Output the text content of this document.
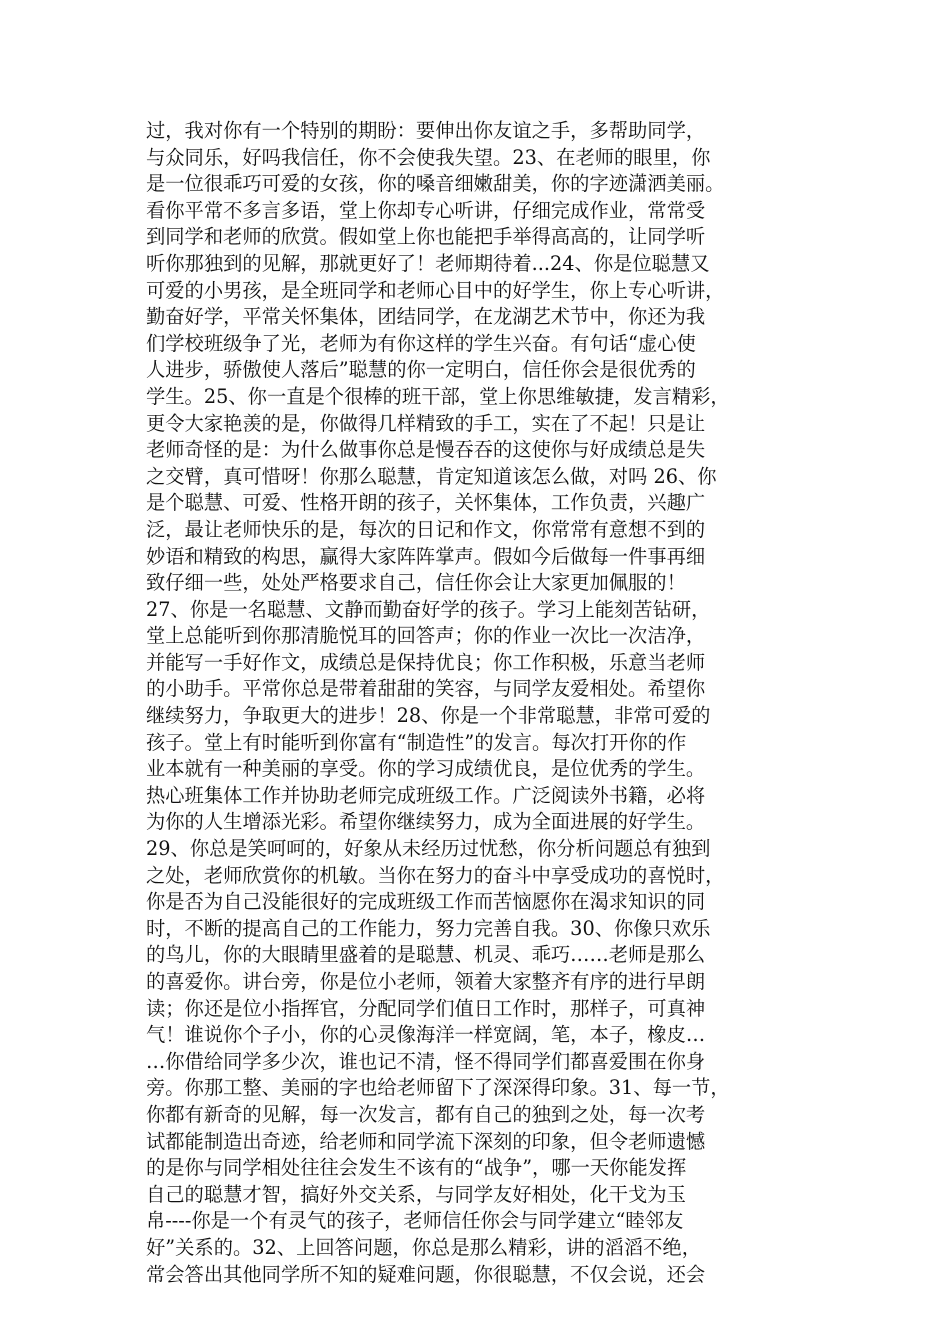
过，我对你有一个特别的期盼：要伸出你友谊之手，多帮助同学，
与众同乐，好吗我信任，你不会使我失望。23、在老师的眼里，你
是一位很乖巧可爱的女孩，你的嗓音细嫩甜美，你的字迹潇洒美丽。
看你平常不多言多语，堂上你却专心听讲，仔细完成作业，常常受
到同学和老师的欣赏。假如堂上你也能把手举得高高的，让同学听
听你那独到的见解，那就更好了！老师期待着...24、你是位聪慧又
可爱的小男孩，是全班同学和老师心目中的好学生，你上专心听讲，
勤奋好学，平常关怀集体，团结同学，在龙湖艺术节中，你还为我
们学校班级争了光，老师为有你这样的学生兴奋。有句话“虚心使
人进步，骄傲使人落后”聪慧的你一定明白，信任你会是很优秀的
学生。25、你一直是个很棒的班干部，堂上你思维敏捷，发言精彩，
更令大家艳羡的是，你做得几样精致的手工，实在了不起！只是让
老师奇怪的是：为什么做事你总是慢吞吞的这使你与好成绩总是失
之交臂，真可惜呀！你那么聪慧，肯定知道该怎么做，对吗 26、你
是个聪慧、可爱、性格开朗的孩子，关怀集体，工作负责，兴趣广
泛，最让老师快乐的是，每次的日记和作文，你常常有意想不到的
妙语和精致的构思，赢得大家阵阵掌声。假如今后做每一件事再细
致仔细一些，处处严格要求自己，信任你会让大家更加佩服的！
27、你是一名聪慧、文静而勤奋好学的孩子。学习上能刻苦钻研，
堂上总能听到你那清脆悦耳的回答声；你的作业一次比一次洁净，
并能写一手好作文，成绩总是保持优良；你工作积极，乐意当老师
的小助手。平常你总是带着甜甜的笑容，与同学友爱相处。希望你
继续努力，争取更大的进步！28、你是一个非常聪慧，非常可爱的
孩子。堂上有时能听到你富有“制造性”的发言。每次打开你的作
业本就有一种美丽的享受。你的学习成绩优良，是位优秀的学生。
热心班集体工作并协助老师完成班级工作。广泛阅读外书籍，必将
为你的人生增添光彩。希望你继续努力，成为全面进展的好学生。
29、你总是笑呵呵的，好象从未经历过忧愁，你分析问题总有独到
之处，老师欣赏你的机敏。当你在努力的奋斗中享受成功的喜悦时，
你是否为自己没能很好的完成班级工作而苦恼愿你在渴求知识的同
时，不断的提高自己的工作能力，努力完善自我。30、你像只欢乐
的鸟儿，你的大眼睛里盛着的是聪慧、机灵、乖巧……老师是那么
的喜爱你。讲台旁，你是位小老师，领着大家整齐有序的进行早朗
读；你还是位小指挥官，分配同学们值日工作时，那样子，可真神
气！谁说你个子小，你的心灵像海洋一样宽阔，笔，本子，橡皮…
…你借给同学多少次，谁也记不清，怪不得同学们都喜爱围在你身
旁。你那工整、美丽的字也给老师留下了深深得印象。31、每一节，
你都有新奇的见解，每一次发言，都有自己的独到之处，每一次考
试都能制造出奇迹，给老师和同学流下深刻的印象，但令老师遗憾
的是你与同学相处往往会发生不该有的“战争”，哪一天你能发挥
自己的聪慧才智，搞好外交关系，与同学友好相处，化干戈为玉
帛----你是一个有灵气的孩子，老师信任你会与同学建立“睦邻友
好”关系的。32、上回答问题，你总是那么精彩，讲的滔滔不绝，
常会答出其他同学所不知的疑难问题，你很聪慧，不仅会说，还会
